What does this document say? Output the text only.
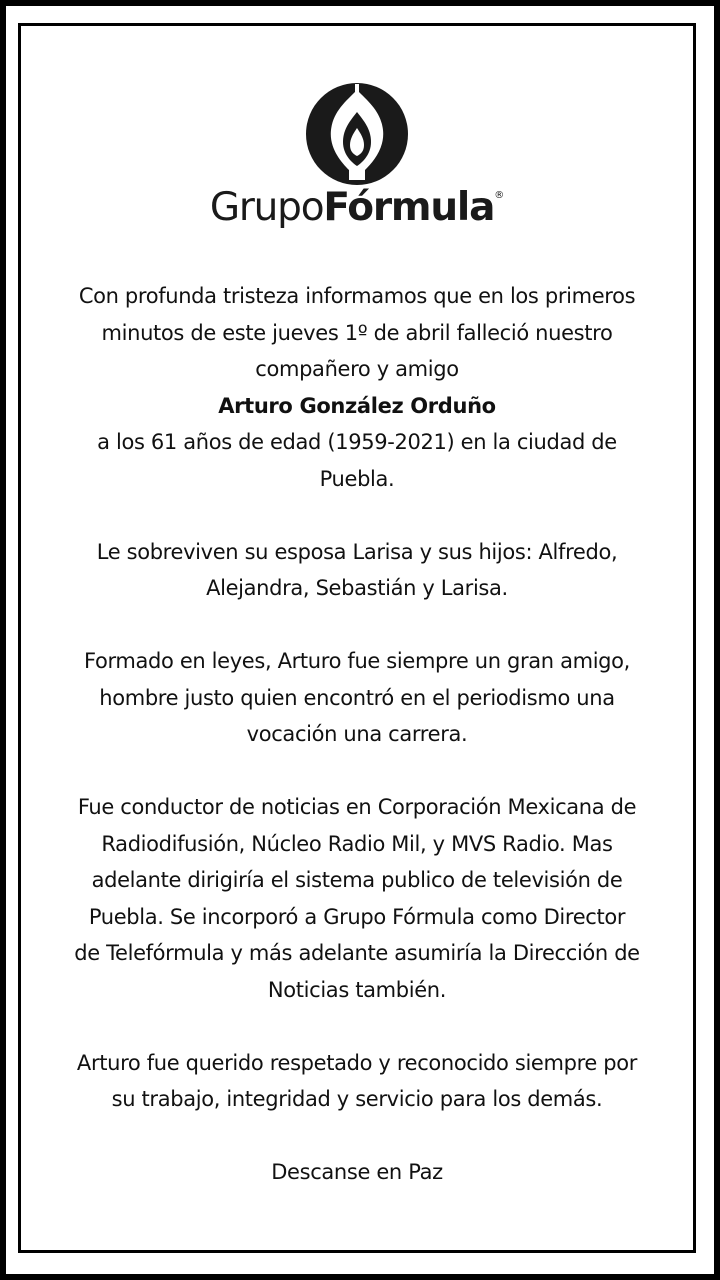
GrupoFórmula®

Con profunda tristeza informamos que en los primeros
minutos de este jueves 1º de abril falleció nuestro
compañero y amigo
Arturo González Orduño
a los 61 años de edad (1959-2021) en la ciudad de
Puebla.

Le sobreviven su esposa Larisa y sus hijos: Alfredo,
Alejandra, Sebastián y Larisa.

Formado en leyes, Arturo fue siempre un gran amigo,
hombre justo quien encontró en el periodismo una
vocación una carrera.

Fue conductor de noticias en Corporación Mexicana de
Radiodifusión, Núcleo Radio Mil, y MVS Radio. Mas
adelante dirigiría el sistema publico de televisión de
Puebla. Se incorporó a Grupo Fórmula como Director
de Telefórmula y más adelante asumiría la Dirección de
Noticias también.

Arturo fue querido respetado y reconocido siempre por
su trabajo, integridad y servicio para los demás.

Descanse en Paz
